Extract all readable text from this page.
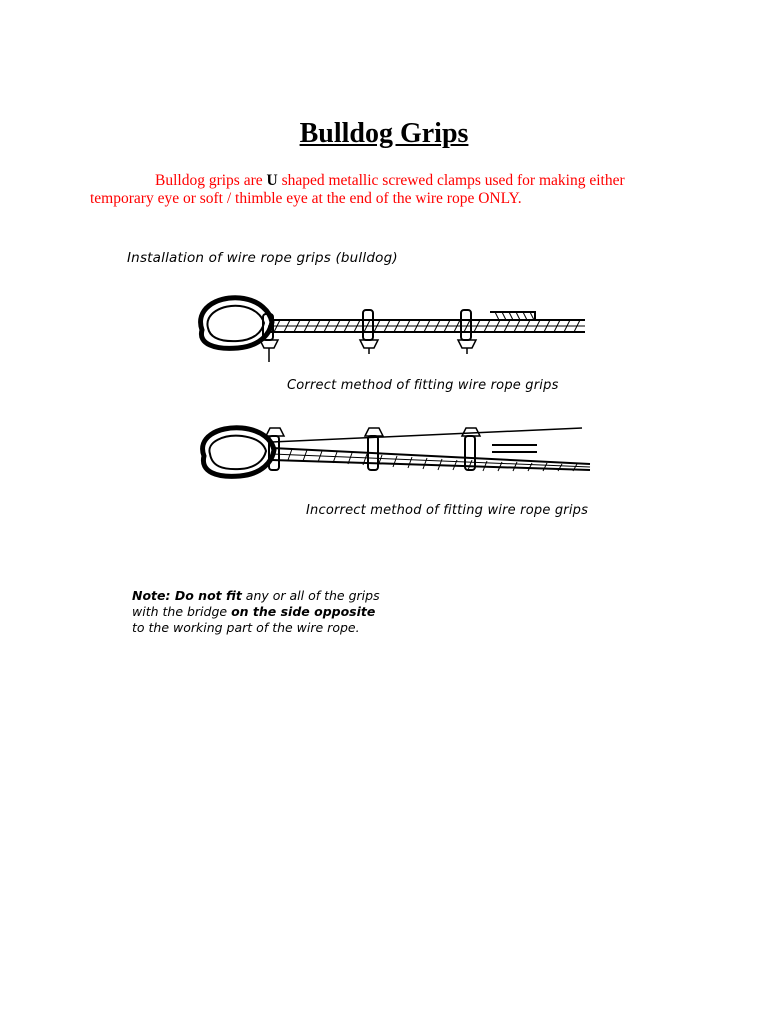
Bulldog Grips
Bulldog grips are U shaped metallic screwed clamps used for making either temporary eye or soft / thimble eye at the end of the wire rope ONLY.
Installation of wire rope grips (bulldog)
Correct method of fitting wire rope grips
Incorrect method of fitting wire rope grips
Note: Do not fit any or all of the grips
with the bridge on the side opposite
to the working part of the wire rope.
